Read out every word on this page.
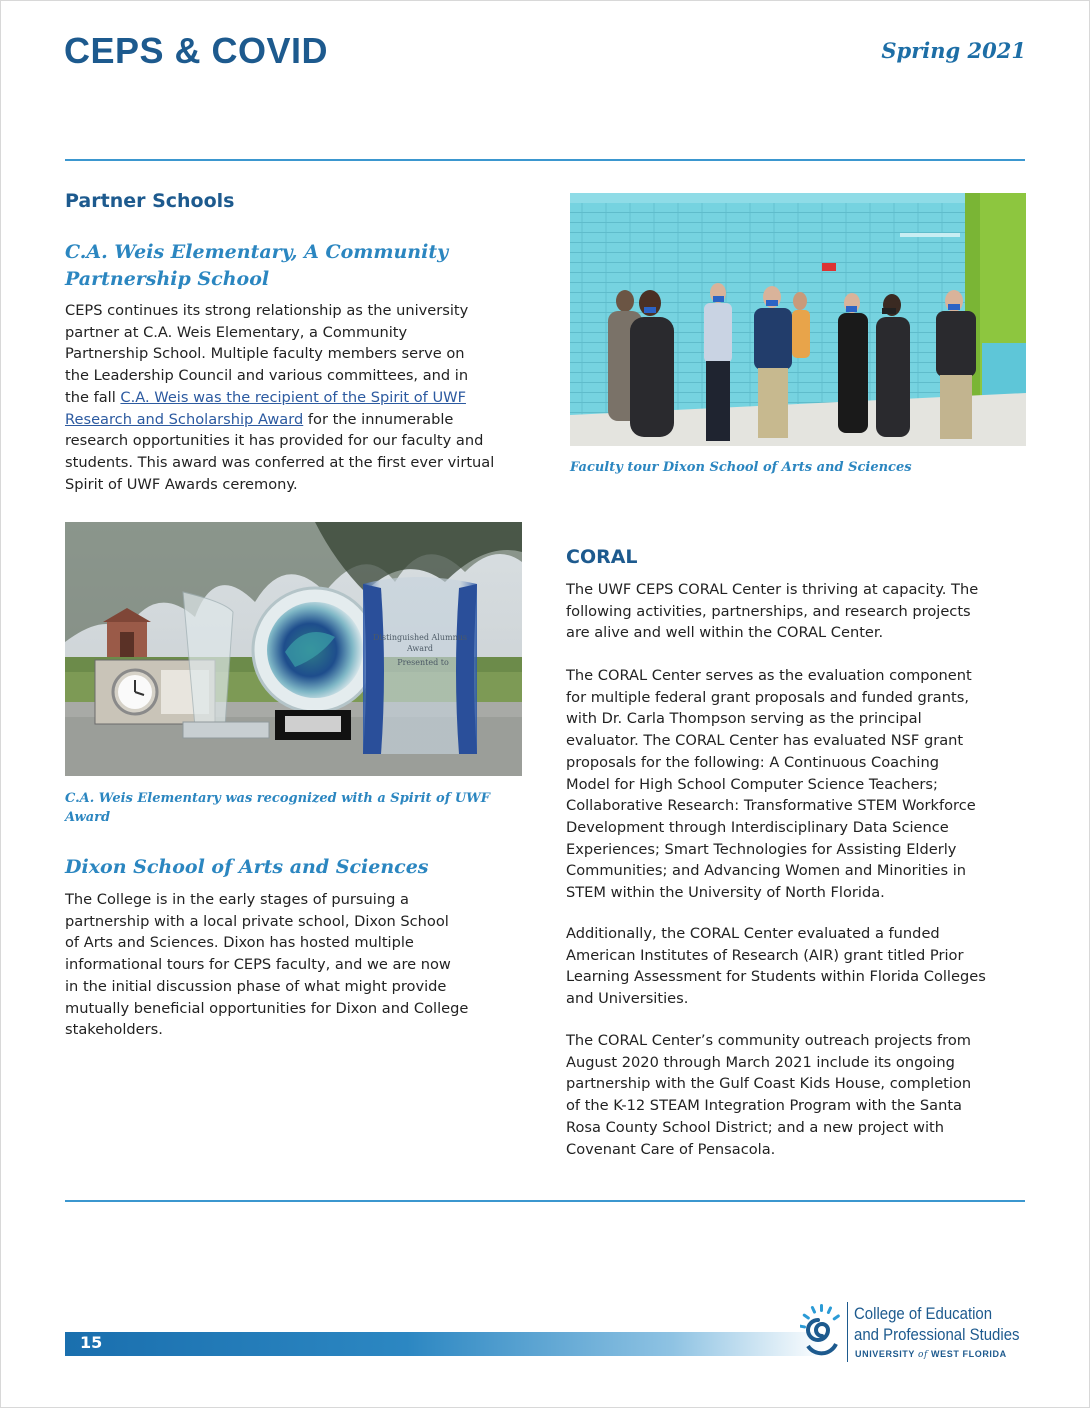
CEPS & COVID	Spring 2021
Partner Schools
C.A. Weis Elementary, A Community
Partnership School
CEPS continues its strong relationship as the university
partner at C.A. Weis Elementary, a Community
Partnership School. Multiple faculty members serve on
the Leadership Council and various committees, and in
the fall C.A. Weis was the recipient of the Spirit of UWF
Research and Scholarship Award for the innumerable
research opportunities it has provided for our faculty and
students. This award was conferred at the first ever virtual
Spirit of UWF Awards ceremony.
Distinguished Alumnus
Award
Presented to
C.A. Weis Elementary was recognized with a Spirit of UWF
Award
Dixon School of Arts and Sciences
The College is in the early stages of pursuing a
partnership with a local private school, Dixon School
of Arts and Sciences. Dixon has hosted multiple
informational tours for CEPS faculty, and we are now
in the initial discussion phase of what might provide
mutually beneficial opportunities for Dixon and College
stakeholders.
Faculty tour Dixon School of Arts and Sciences
CORAL
The UWF CEPS CORAL Center is thriving at capacity. The
following activities, partnerships, and research projects
are alive and well within the CORAL Center.
The CORAL Center serves as the evaluation component
for multiple federal grant proposals and funded grants,
with Dr. Carla Thompson serving as the principal
evaluator. The CORAL Center has evaluated NSF grant
proposals for the following: A Continuous Coaching
Model for High School Computer Science Teachers;
Collaborative Research: Transformative STEM Workforce
Development through Interdisciplinary Data Science
Experiences; Smart Technologies for Assisting Elderly
Communities; and Advancing Women and Minorities in
STEM within the University of North Florida.
Additionally, the CORAL Center evaluated a funded
American Institutes of Research (AIR) grant titled Prior
Learning Assessment for Students within Florida Colleges
and Universities.
The CORAL Center’s community outreach projects from
August 2020 through March 2021 include its ongoing
partnership with the Gulf Coast Kids House, completion
of the K-12 STEAM Integration Program with the Santa
Rosa County School District; and a new project with
Covenant Care of Pensacola.
15
College of Education
and Professional Studies
UNIVERSITY of WEST FLORIDA
